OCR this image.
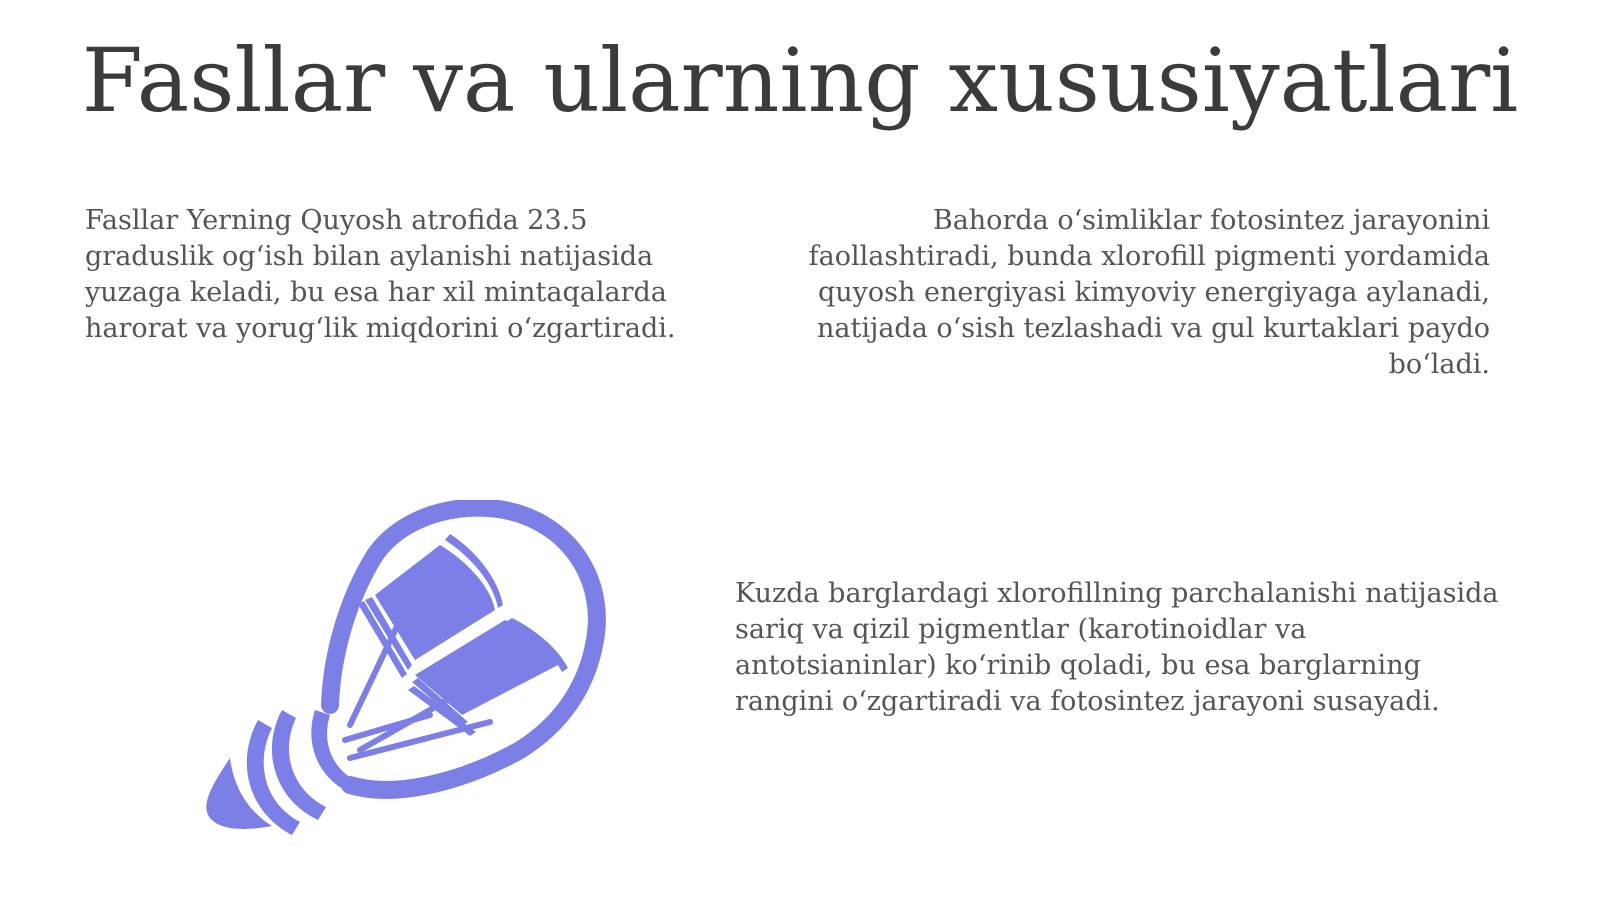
Fasllar va ularning xususiyatlari

Fasllar Yerning Quyosh atrofida 23.5 graduslik og‘ish bilan aylanishi natijasida yuzaga keladi, bu esa har xil mintaqalarda harorat va yorug‘lik miqdorini o‘zgartiradi.

Bahorda o‘simliklar fotosintez jarayonini faollashtiradi, bunda xlorofill pigmenti yordamida quyosh energiyasi kimyoviy energiyaga aylanadi, natijada o‘sish tezlashadi va gul kurtaklari paydo bo‘ladi.

Kuzda barglardagi xlorofillning parchalanishi natijasida sariq va qizil pigmentlar (karotinoidlar va antotsianinlar) ko‘rinib qoladi, bu esa barglarning rangini o‘zgartiradi va fotosintez jarayoni susayadi.
